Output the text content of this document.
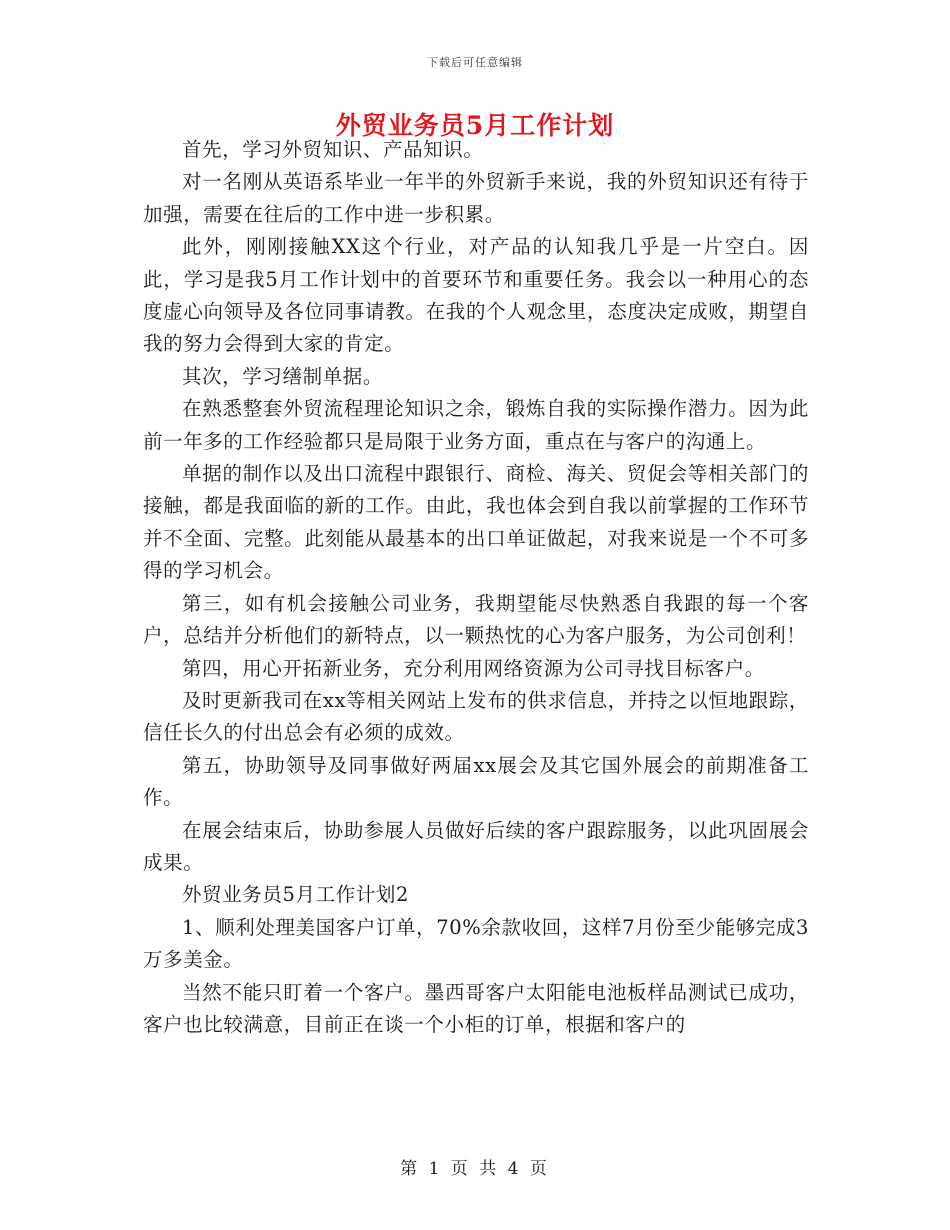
下载后可任意编辑
外贸业务员5月工作计划

首先，学习外贸知识、产品知识。

对一名刚从英语系毕业一年半的外贸新手来说，我的外贸知识还有待于加强，需要在往后的工作中进一步积累。

此外，刚刚接触XX这个行业，对产品的认知我几乎是一片空白。因此，学习是我5月工作计划中的首要环节和重要任务。我会以一种用心的态度虚心向领导及各位同事请教。在我的个人观念里，态度决定成败，期望自我的努力会得到大家的肯定。

其次，学习缮制单据。

在熟悉整套外贸流程理论知识之余，锻炼自我的实际操作潜力。因为此前一年多的工作经验都只是局限于业务方面，重点在与客户的沟通上。

单据的制作以及出口流程中跟银行、商检、海关、贸促会等相关部门的接触，都是我面临的新的工作。由此，我也体会到自我以前掌握的工作环节并不全面、完整。此刻能从最基本的出口单证做起，对我来说是一个不可多得的学习机会。

第三，如有机会接触公司业务，我期望能尽快熟悉自我跟的每一个客户，总结并分析他们的新特点，以一颗热忱的心为客户服务，为公司创利！

第四，用心开拓新业务，充分利用网络资源为公司寻找目标客户。

及时更新我司在xx等相关网站上发布的供求信息，并持之以恒地跟踪，信任长久的付出总会有必须的成效。

第五，协助领导及同事做好两届xx展会及其它国外展会的前期准备工作。

在展会结束后，协助参展人员做好后续的客户跟踪服务，以此巩固展会成果。

外贸业务员5月工作计划2

1、顺利处理美国客户订单，70%余款收回，这样7月份至少能够完成3万多美金。

当然不能只盯着一个客户。墨西哥客户太阳能电池板样品测试已成功，客户也比较满意，目前正在谈一个小柜的订单，根据和客户的

第 1 页 共 4 页
